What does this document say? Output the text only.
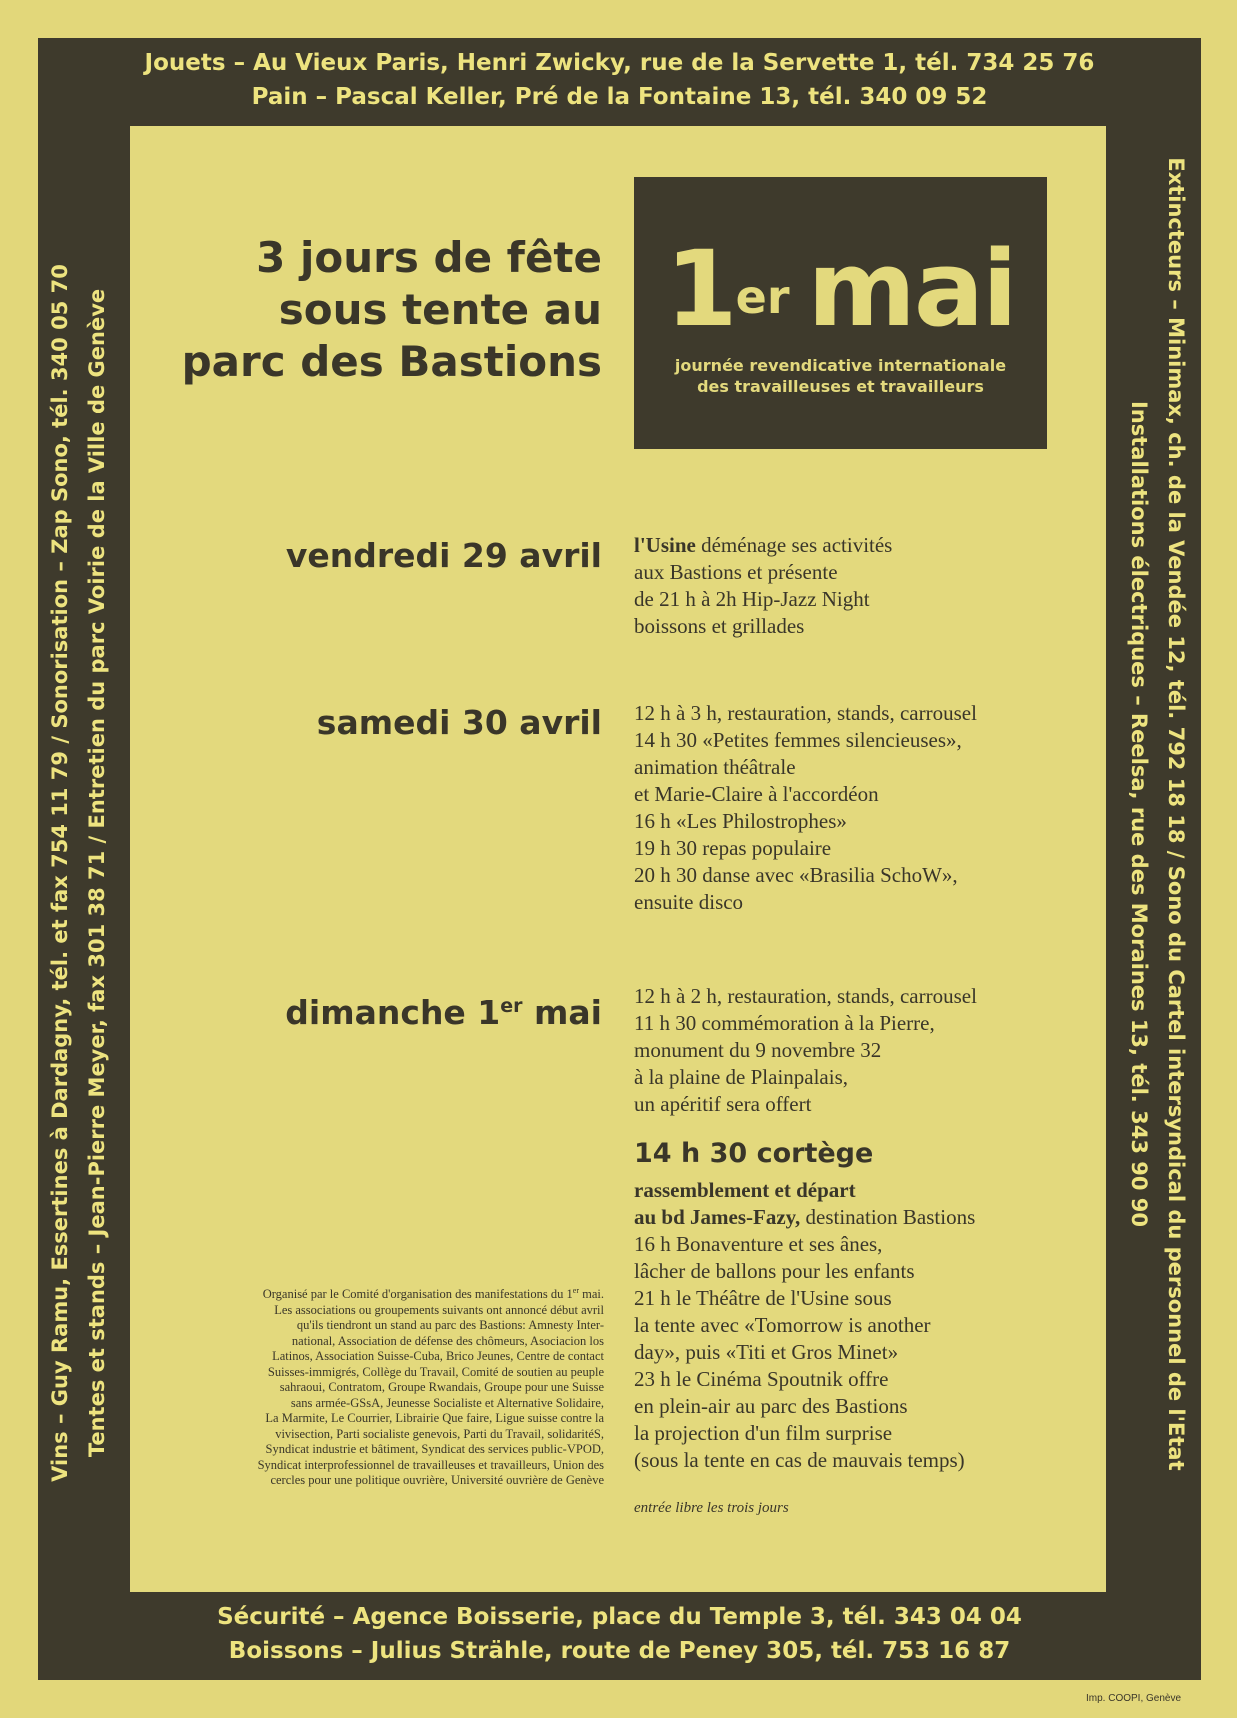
Jouets – Au Vieux Paris, Henri Zwicky, rue de la Servette 1, tél. 734 25 76
Pain – Pascal Keller, Pré de la Fontaine 13, tél. 340 09 52
Sécurité – Agence Boisserie, place du Temple 3, tél. 343 04 04
Boissons – Julius Strähle, route de Peney 305, tél. 753 16 87
Vins – Guy Ramu, Essertines à Dardagny, tél. et fax 754 11 79 / Sonorisation – Zap Sono, tél. 340 05 70 Tentes et stands – Jean-Pierre Meyer, fax 301 38 71 / Entretien du parc Voirie de la Ville de Genève	Extincteurs – Minimax, ch. de la Vendée 12, tél. 792 18 18 / Sono du Cartel intersyndical du personnel de l'Etat
Installations électriques – Reelsa, rue des Moraines 13, tél. 343 90 90
3 jours de fête
sous tente au
parc des Bastions
1er mai
journée revendicative internationale
des travailleuses et travailleurs
vendredi 29 avril l'Usine déménage ses activités
aux Bastions et présente
de 21 h à 2h Hip-Jazz Night
boissons et grillades
samedi 30 avril 12 h à 3 h, restauration, stands, carrousel
14 h 30 «Petites femmes silencieuses»,
animation théâtrale
et Marie-Claire à l'accordéon
16 h «Les Philostrophes»
19 h 30 repas populaire
20 h 30 danse avec «Brasilia SchoW»,
ensuite disco
dimanche 1er mai 12 h à 2 h, restauration, stands, carrousel
11 h 30 commémoration à la Pierre,
monument du 9 novembre 32
à la plaine de Plainpalais,
un apéritif sera offert
14 h 30 cortège
rassemblement et départ
au bd James-Fazy, destination Bastions
16 h Bonaventure et ses ânes,
lâcher de ballons pour les enfants
21 h le Théâtre de l'Usine sous
la tente avec «Tomorrow is another
day», puis «Titi et Gros Minet»
23 h le Cinéma Spoutnik offre
en plein-air au parc des Bastions
la projection d'un film surprise
(sous la tente en cas de mauvais temps)
entrée libre les trois jours
Organisé par le Comité d'organisation des manifestations du 1er mai.
Les associations ou groupements suivants ont annoncé début avril
qu'ils tiendront un stand au parc des Bastions: Amnesty Inter-
national, Association de défense des chômeurs, Asociacion los
Latinos, Association Suisse-Cuba, Brico Jeunes, Centre de contact
Suisses-immigrés, Collège du Travail, Comité de soutien au peuple
sahraoui, Contratom, Groupe Rwandais, Groupe pour une Suisse
sans armée-GSsA, Jeunesse Socialiste et Alternative Solidaire,
La Marmite, Le Courrier, Librairie Que faire, Ligue suisse contre la
vivisection, Parti socialiste genevois, Parti du Travail, solidaritéS,
Syndicat industrie et bâtiment, Syndicat des services public-VPOD,
Syndicat interprofessionnel de travailleuses et travailleurs, Union des
cercles pour une politique ouvrière, Université ouvrière de Genève
Imp. COOPI, Genève
